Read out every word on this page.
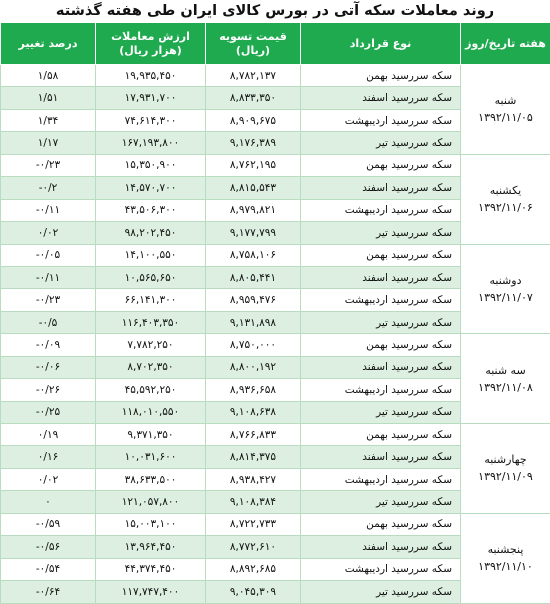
روند معاملات سکه آتی در بورس کالای ایران طی هفته گذشته
هفته تاریخ/روز	نوع قرارداد	قیمت تسویه (ریال)	ارزش معاملات (هزار ریال)	درصد تغییر
شنبه
۱۳۹۲/۱۱/۰۵	سکه سررسید بهمن	۸,۷۸۲,۱۳۷	۱۹,۹۳۵,۴۵۰	۱/۵۸
	سکه سررسید اسفند	۸,۸۳۳,۳۵۰	۱۷,۹۳۱,۷۰۰	۱/۵۱
	سکه سررسید اردیبهشت	۸,۹۰۹,۶۷۵	۷۴,۶۱۴,۳۰۰	۱/۳۴
	سکه سررسید تیر	۹,۱۷۶,۳۸۹	۱۶۷,۱۹۳,۸۰۰	۱/۱۷
یکشنبه
۱۳۹۲/۱۱/۰۶	سکه سررسید بهمن	۸,۷۶۲,۱۹۵	۱۵,۳۵۰,۹۰۰	-۰/۲۳
	سکه سررسید اسفند	۸,۸۱۵,۵۴۳	۱۴,۵۷۰,۷۰۰	-۰/۲
	سکه سررسید اردیبهشت	۸,۹۷۹,۸۲۱	۴۳,۵۰۶,۳۰۰	-۰/۱۱
	سکه سررسید تیر	۹,۱۷۷,۷۹۹	۹۸,۲۰۲,۴۵۰	۰/۰۲
دوشنبه
۱۳۹۲/۱۱/۰۷	سکه سررسید بهمن	۸,۷۵۸,۱۰۶	۱۴,۱۰۰,۵۵۰	-۰/۰۵
	سکه سررسید اسفند	۸,۸۰۵,۴۴۱	۱۰,۵۶۵,۶۵۰	-۰/۱۱
	سکه سررسید اردیبهشت	۸,۹۵۹,۴۷۶	۶۶,۱۴۱,۳۰۰	-۰/۲۳
	سکه سررسید تیر	۹,۱۳۱,۸۹۸	۱۱۶,۴۰۳,۳۵۰	-۰/۵
سه شنبه
۱۳۹۲/۱۱/۰۸	سکه سررسید بهمن	۸,۷۵۰,۰۰۰	۷,۷۸۲,۲۵۰	-۰/۰۹
	سکه سررسید اسفند	۸,۸۰۰,۱۹۲	۸,۷۰۲,۳۵۰	-۰/۰۶
	سکه سررسید اردیبهشت	۸,۹۳۶,۶۵۸	۴۵,۵۹۲,۲۵۰	-۰/۲۶
	سکه سررسید تیر	۹,۱۰۸,۶۳۸	۱۱۸,۰۱۰,۵۵۰	-۰/۲۵
چهارشنبه
۱۳۹۲/۱۱/۰۹	سکه سررسید بهمن	۸,۷۶۶,۸۳۳	۹,۳۷۱,۳۵۰	۰/۱۹
	سکه سررسید اسفند	۸,۸۱۴,۳۷۵	۱۰,۰۳۱,۶۰۰	۰/۱۶
	سکه سررسید اردیبهشت	۸,۹۳۸,۴۲۷	۳۸,۶۳۳,۵۰۰	۰/۰۲
	سکه سررسید تیر	۹,۱۰۸,۳۸۴	۱۲۱,۰۵۷,۸۰۰	۰
پنجشنبه
۱۳۹۲/۱۱/۱۰	سکه سررسید بهمن	۸,۷۲۲,۷۳۳	۱۵,۰۰۳,۱۰۰	-۰/۵۹
	سکه سررسید اسفند	۸,۷۷۲,۶۱۰	۱۳,۹۶۴,۴۵۰	-۰/۵۶
	سکه سررسید اردیبهشت	۸,۸۹۲,۶۸۵	۴۴,۳۷۴,۴۵۰	-۰/۵۴
	سکه سررسید تیر	۹,۰۴۵,۳۰۹	۱۱۷,۷۴۷,۴۰۰	-۰/۶۴
